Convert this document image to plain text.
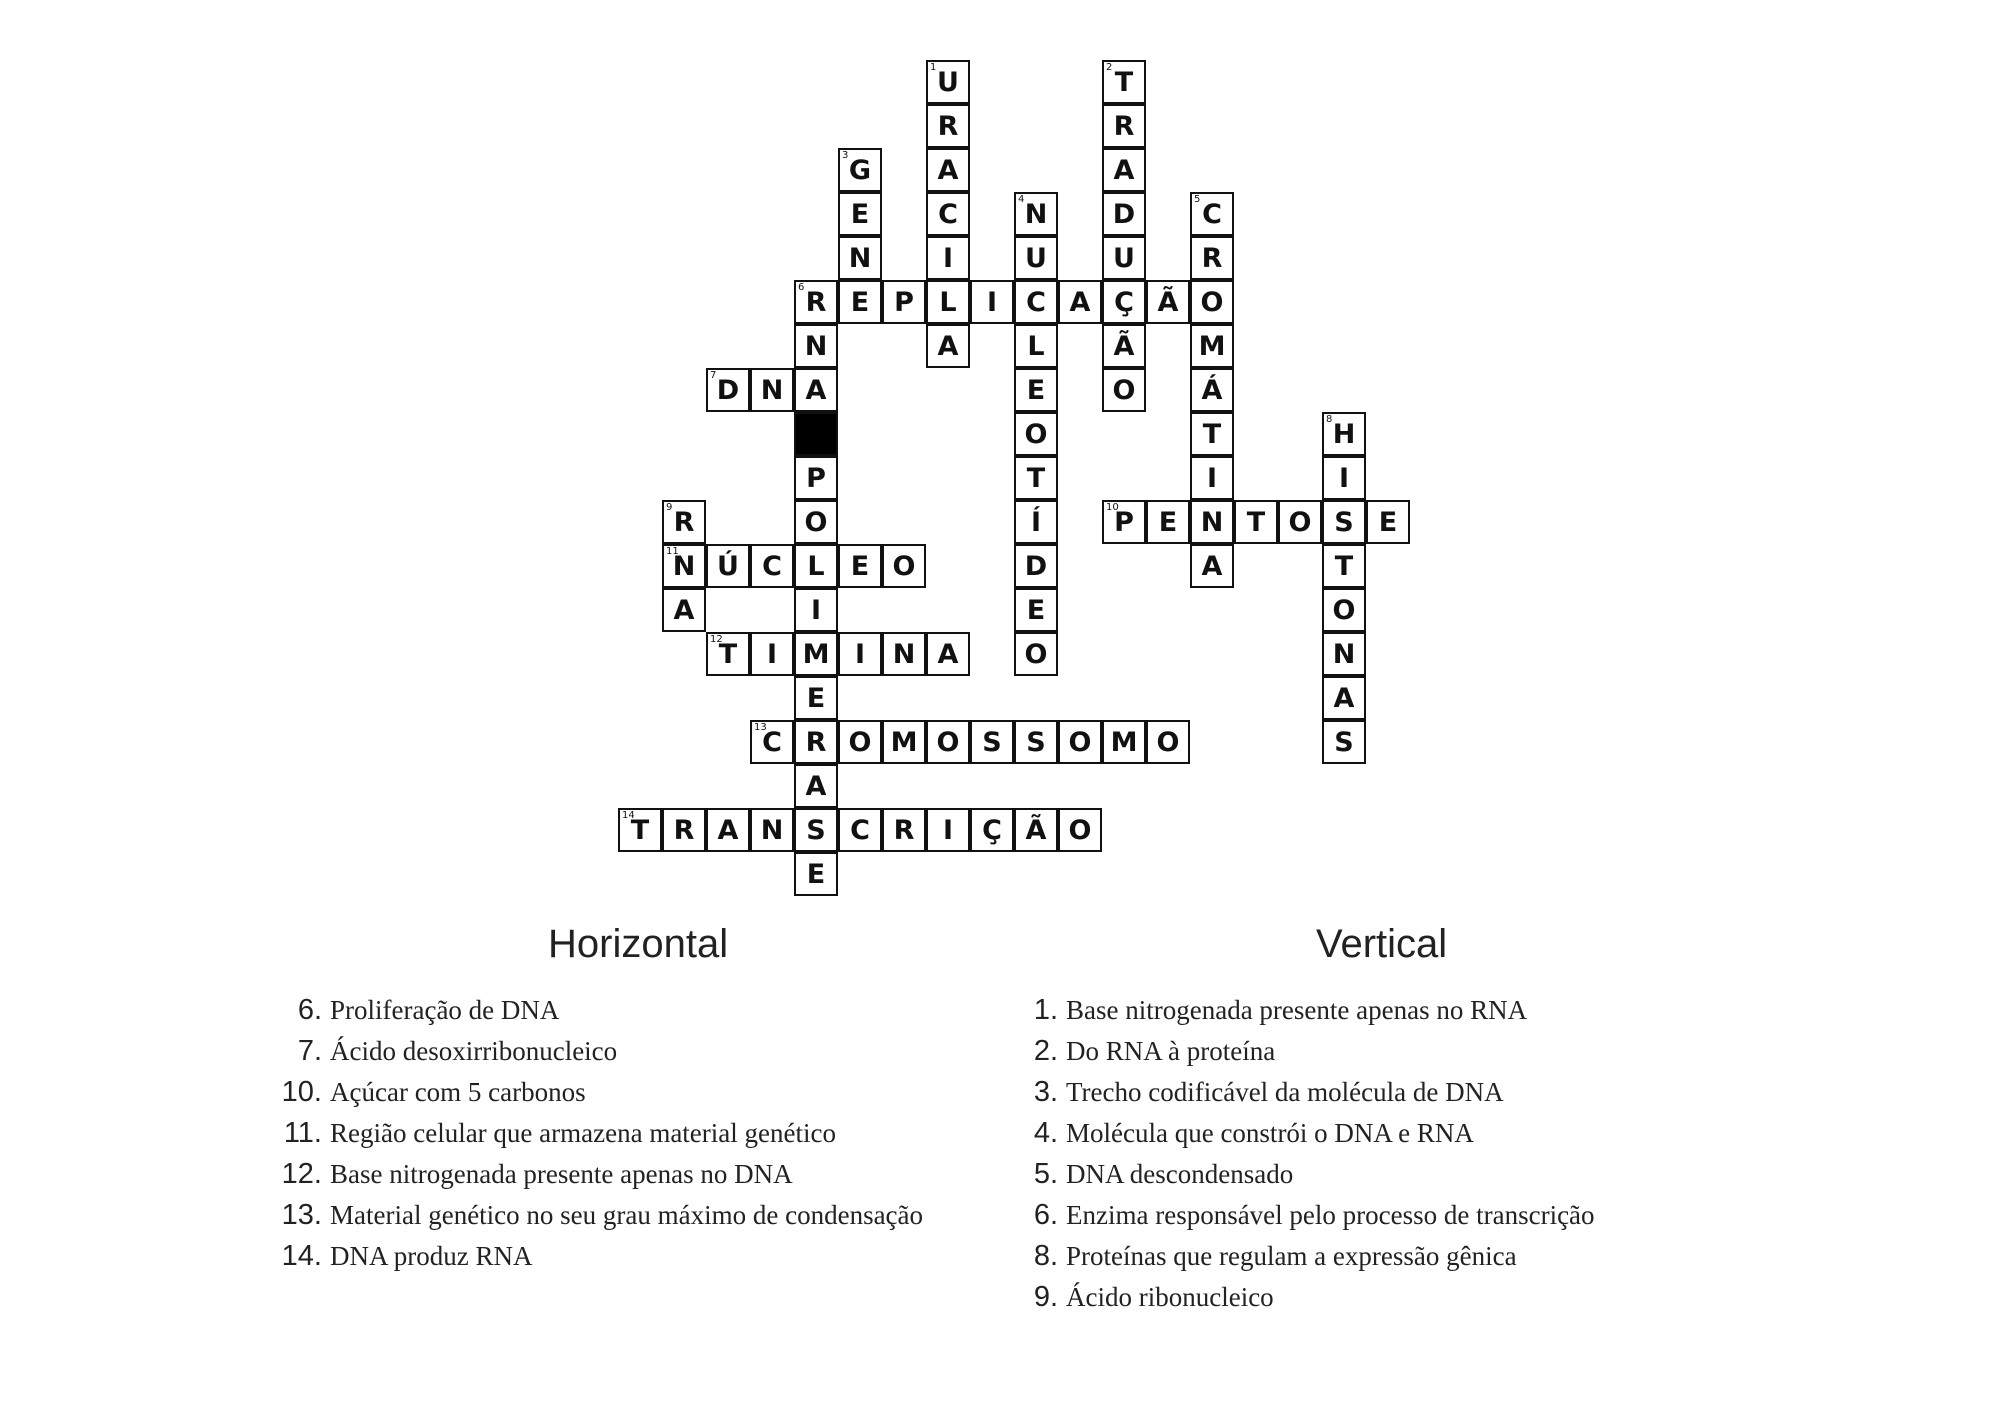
1 U
R
A
C
I
L
A
2 T
R
A
D
U
Ç
Ã
O
3 G
E
N
E
4 N
U
C
L
E
O
T
Í
D
E
O
5 C
R
O
M
Á
T
I
N
A
6 R	P	I	A	Ã
N
7 D N A
P
O
L
I
M
E
R
A
S
E
8 H
I
S
T
O
N
A
S
10
P E	T O	E
9 R
11
N Ú C	E O
A
12
T	I	I	N A
13
C	O M O S S O M O
14
T R A N	C R	I	Ç Ã O
Horizontal
6. Proliferação de DNA
7. Ácido desoxirribonucleico
10. Açúcar com 5 carbonos
11. Região celular que armazena material genético
12. Base nitrogenada presente apenas no DNA
13. Material genético no seu grau máximo de condensação
14. DNA produz RNA
Vertical
1. Base nitrogenada presente apenas no RNA
2. Do RNA à proteína
3. Trecho codificável da molécula de DNA
4. Molécula que constrói o DNA e RNA
5. DNA descondensado
6. Enzima responsável pelo processo de transcrição
8. Proteínas que regulam a expressão gênica
9. Ácido ribonucleico
